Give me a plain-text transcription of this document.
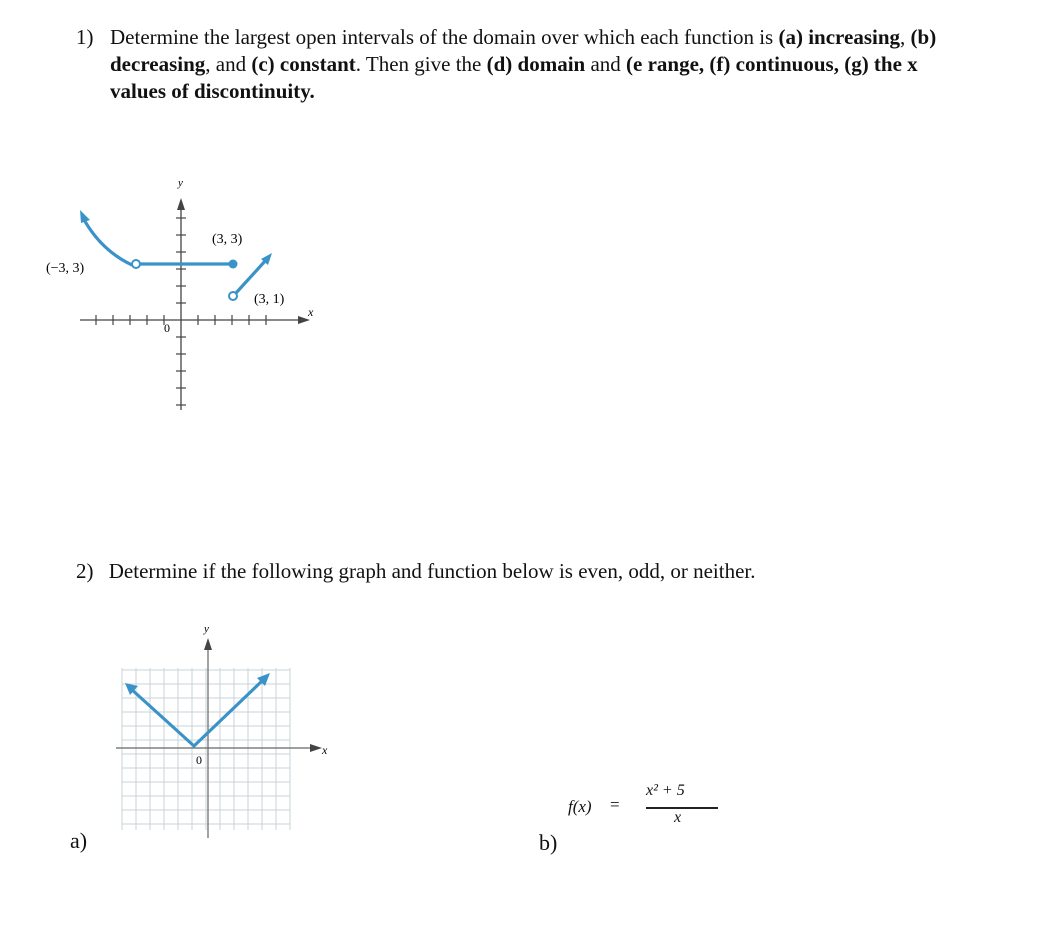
1) Determine the largest open intervals of the domain over which each function is (a) increasing, (b) decreasing, and (c) constant. Then give the (d) domain and (e range, (f) continuous, (g) the x values of discontinuity.
y
x
0
(−3, 3)
(3, 3)
(3, 1)
2) Determine if the following graph and function below is even, odd, or neither.
y
x
0
a)	b)
f(x) =
x² + 5
x
